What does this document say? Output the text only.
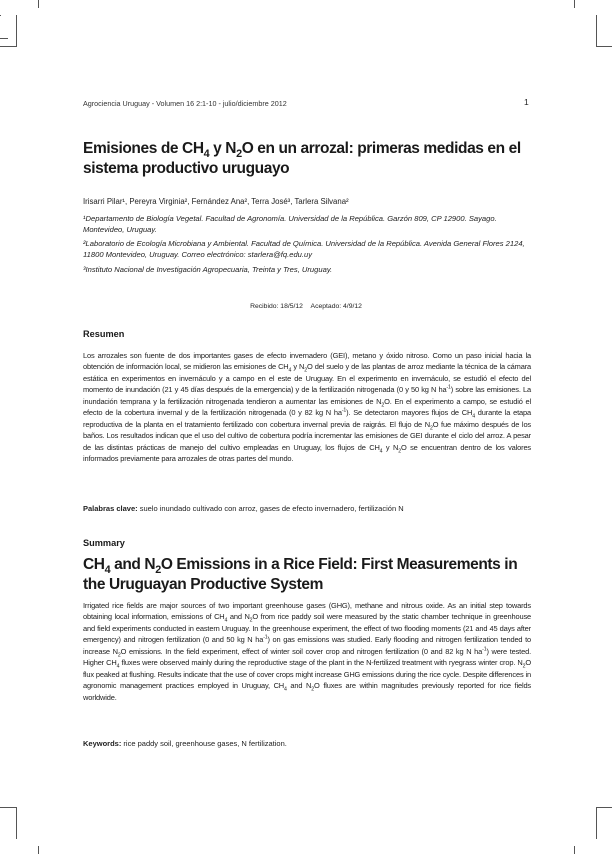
Agrociencia Uruguay - Volumen 16 2:1-10 - julio/diciembre 2012	1
Emisiones de $CH_4$ y $N_2O$ en un arrozal: primeras medidas en el sistema productivo uruguayo
Irisarri Pilar¹, Pereyra Virginia², Fernández Ana², Terra José³, Tarlera Silvana²
¹Departamento de Biología Vegetal. Facultad de Agronomía. Universidad de la República. Garzón 809, CP 12900. Sayago. Montevideo, Uruguay.
²Laboratorio de Ecología Microbiana y Ambiental. Facultad de Química. Universidad de la República. Avenida General Flores 2124, 11800 Montevideo, Uruguay. Correo electrónico: starlera@fq.edu.uy
³Instituto Nacional de Investigación Agropecuaria, Treinta y Tres, Uruguay.
Recibido: 18/5/12 Aceptado: 4/9/12
Resumen
Los arrozales son fuente de dos importantes gases de efecto invernadero (GEI), metano y óxido nitroso. Como un paso inicial hacia la obtención de información local, se midieron las emisiones de $CH_4$ y $N_2O$ del suelo y de las plantas de arroz mediante la técnica de la cámara estática en experimentos en invernáculo y a campo en el este de Uruguay. En el experimento en invernáculo, se estudió el efecto del momento de inundación (21 y 45 días después de la emergencia) y de la fertilización nitrogenada (0 y 50 kg N $ha^{-1}$) sobre las emisiones. La inundación temprana y la fertilización nitrogenada tendieron a aumentar las emisiones de $N_2O$. En el experimento a campo, se estudió el efecto de la cobertura invernal y de la fertilización nitrogenada (0 y 82 kg N $ha^{-1}$). Se detectaron mayores flujos de $CH_4$ durante la etapa reproductiva de la planta en el tratamiento fertilizado con cobertura invernal previa de raigrás. El flujo de $N_2O$ fue máximo después de los baños. Los resultados indican que el uso del cultivo de cobertura podría incrementar las emisiones de GEI durante el ciclo del arroz. A pesar de las distintas prácticas de manejo del cultivo empleadas en Uruguay, los flujos de $CH_4$ y $N_2O$ se encuentran dentro de los valores informados previamente para arrozales de otras partes del mundo.
Palabras clave: suelo inundado cultivado con arroz, gases de efecto invernadero, fertilización N
Summary
$CH_4$ and $N_2O$ Emissions in a Rice Field: First Measurements in the Uruguayan Productive System
Irrigated rice fields are major sources of two important greenhouse gases (GHG), methane and nitrous oxide. As an initial step towards obtaining local information, emissions of $CH_4$ and $N_2O$ from rice paddy soil were measured by the static chamber technique in greenhouse and field experiments conducted in eastern Uruguay. In the greenhouse experiment, the effect of two flooding moments (21 and 45 days after emergency) and nitrogen fertilization (0 and 50 kg N $ha^{-1}$) on gas emissions was studied. Early flooding and nitrogen fertilization tended to increase $N_2O$ emissions. In the field experiment, effect of winter soil cover crop and nitrogen fertilization (0 and 82 kg N $ha^{-1}$) were tested. Higher $CH_4$ fluxes were observed mainly during the reproductive stage of the plant in the N-fertilized treatment with ryegrass winter crop. $N_2O$ flux peaked at flushing. Results indicate that the use of cover crops might increase GHG emissions during the rice cycle. Despite differences in agronomic management practices employed in Uruguay, $CH_4$ and $N_2O$ fluxes are within magnitudes previously reported for rice fields worldwide.
Keywords: rice paddy soil, greenhouse gases, N fertilization.
